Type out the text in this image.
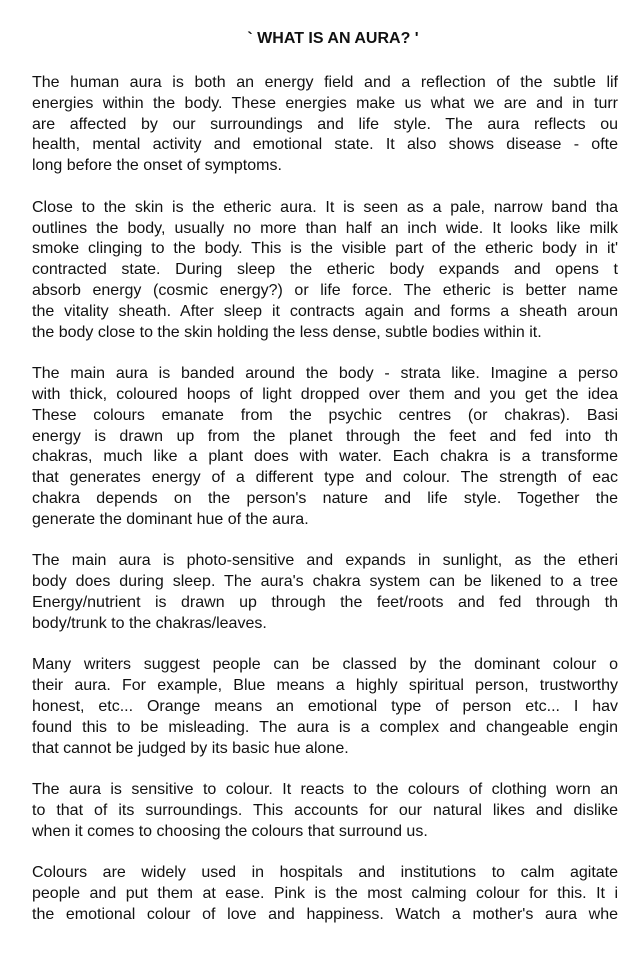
` WHAT IS AN AURA? '

The human aura is both an energy field and a reflection of the subtle lif
energies within the body. These energies make us what we are and in turr
are affected by our surroundings and life style. The aura reflects ou
health, mental activity and emotional state. It also shows disease - ofte
long before the onset of symptoms.

Close to the skin is the etheric aura. It is seen as a pale, narrow band tha
outlines the body, usually no more than half an inch wide. It looks like milk
smoke clinging to the body. This is the visible part of the etheric body in it'
contracted state. During sleep the etheric body expands and opens t
absorb energy (cosmic energy?) or life force. The etheric is better name
the vitality sheath. After sleep it contracts again and forms a sheath aroun
the body close to the skin holding the less dense, subtle bodies within it.

The main aura is banded around the body - strata like. Imagine a perso
with thick, coloured hoops of light dropped over them and you get the idea
These colours emanate from the psychic centres (or chakras). Basi
energy is drawn up from the planet through the feet and fed into th
chakras, much like a plant does with water. Each chakra is a transforme
that generates energy of a different type and colour. The strength of eac
chakra depends on the person's nature and life style. Together the
generate the dominant hue of the aura.

The main aura is photo-sensitive and expands in sunlight, as the etheri
body does during sleep. The aura's chakra system can be likened to a tree
Energy/nutrient is drawn up through the feet/roots and fed through th
body/trunk to the chakras/leaves.

Many writers suggest people can be classed by the dominant colour o
their aura. For example, Blue means a highly spiritual person, trustworthy
honest, etc... Orange means an emotional type of person etc... I hav
found this to be misleading. The aura is a complex and changeable engin
that cannot be judged by its basic hue alone.

The aura is sensitive to colour. It reacts to the colours of clothing worn an
to that of its surroundings. This accounts for our natural likes and dislike
when it comes to choosing the colours that surround us.

Colours are widely used in hospitals and institutions to calm agitate
people and put them at ease. Pink is the most calming colour for this. It i
the emotional colour of love and happiness. Watch a mother's aura whe
